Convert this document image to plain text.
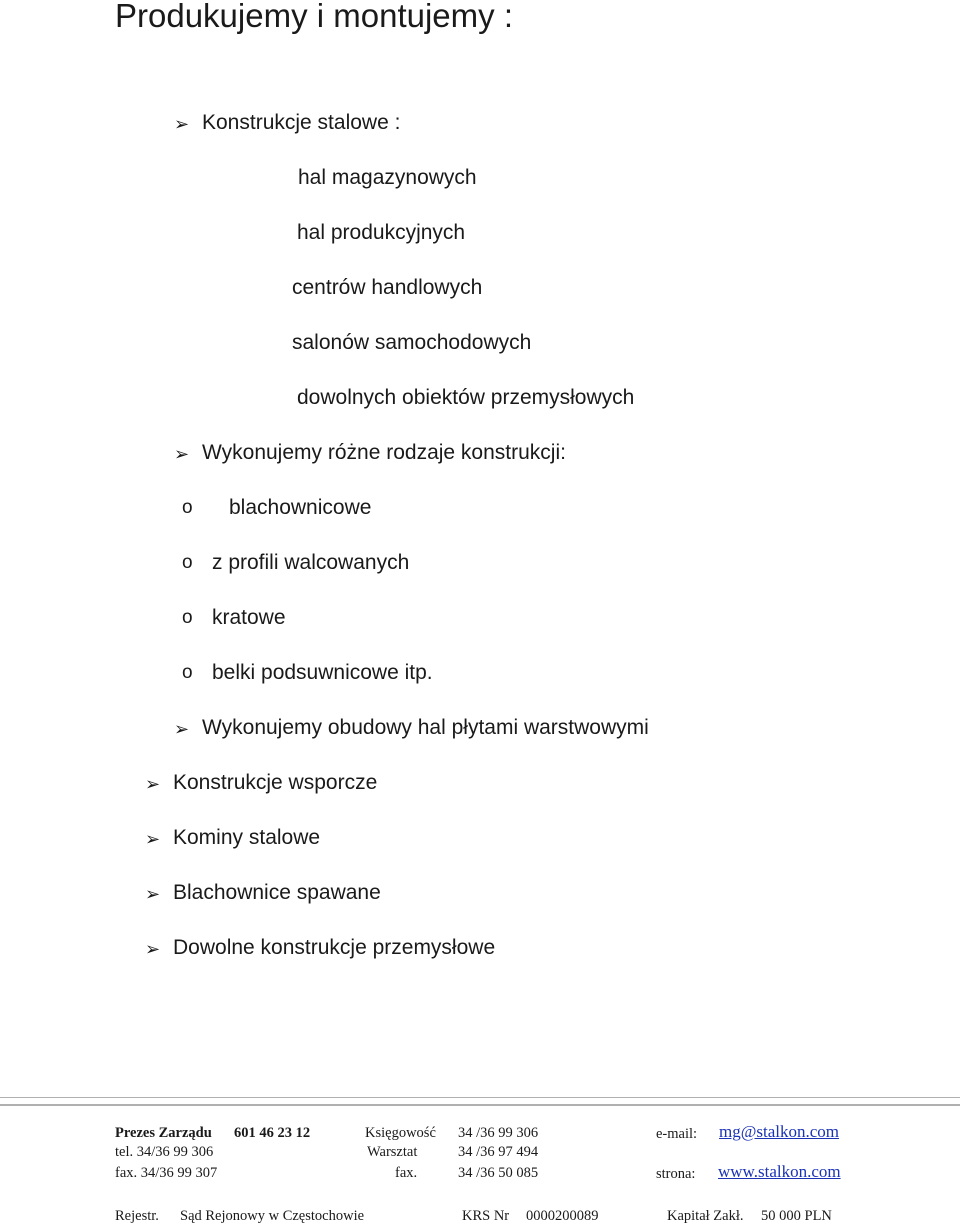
Produkujemy i montujemy :
➢ Konstrukcje stalowe :
hal magazynowych
hal produkcyjnych
centrów handlowych
salonów samochodowych
dowolnych obiektów przemysłowych
➢ Wykonujemy różne rodzaje konstrukcji:
o blachownicowe
o z profili walcowanych
o kratowe
o belki podsuwnicowe itp.
➢ Wykonujemy obudowy hal płytami warstwowymi
➢ Konstrukcje wsporcze
➢ Kominy stalowe
➢ Blachownice spawane
➢ Dowolne konstrukcje przemysłowe
Prezes Zarządu 601 46 23 12
tel. 34/36 99 306
fax. 34/36 99 307
Księgowość 34 /36 99 306
Warsztat	34 /36 97 494
fax.	34 /36 50 085
e-mail: mg@stalkon.com
strona: www.stalkon.com
Rejestr. Sąd Rejonowy w Częstochowie	KRS Nr 0000200089	Kapitał Zakł. 50 000 PLN
